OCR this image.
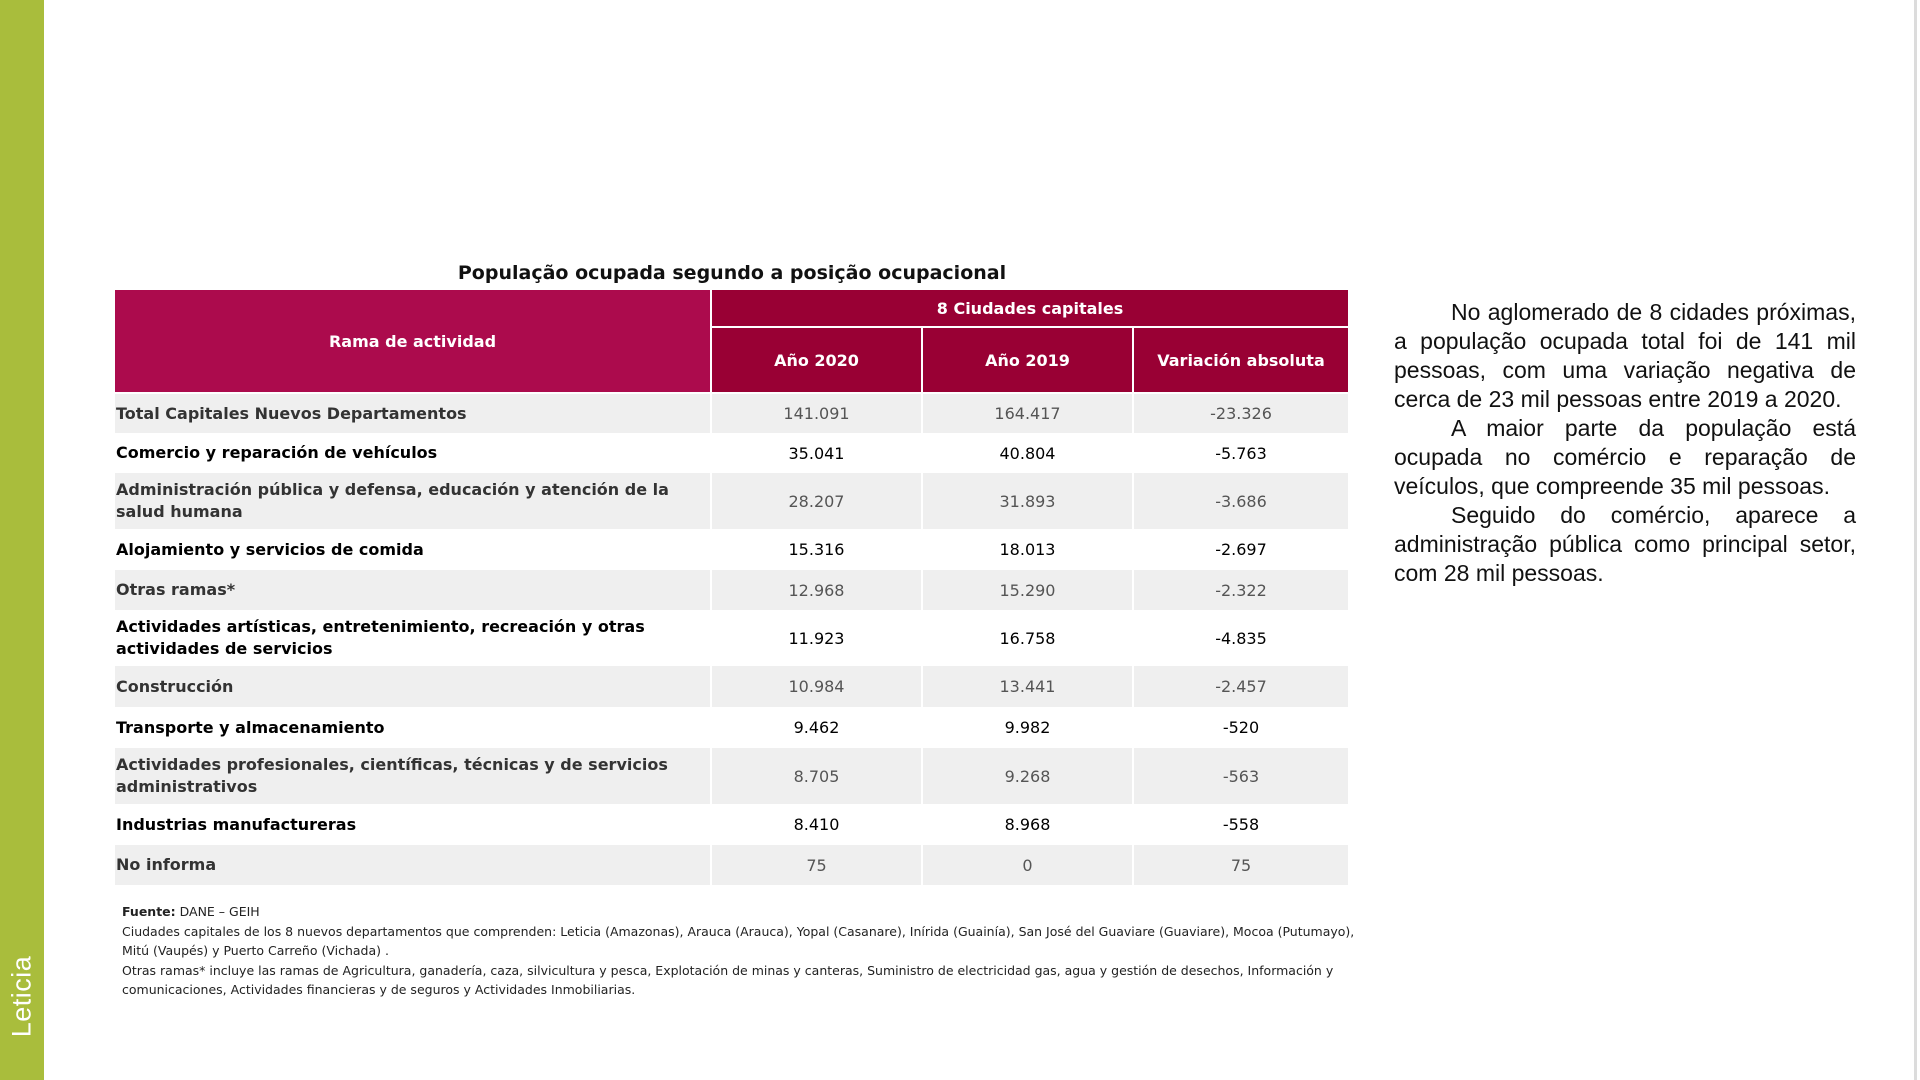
Leticia
População ocupada segundo a posição ocupacional
Rama de actividad	8 Ciudades capitales		
	Año 2020	Año 2019	Variación absoluta
Total Capitales Nuevos Departamentos	141.091	164.417	-23.326
Comercio y reparación de vehículos	35.041	40.804	-5.763
Administración pública y defensa, educación y atención de la salud humana	28.207	31.893	-3.686
Alojamiento y servicios de comida	15.316	18.013	-2.697
Otras ramas*	12.968	15.290	-2.322
Actividades artísticas, entretenimiento, recreación y otras actividades de servicios	11.923	16.758	-4.835
Construcción	10.984	13.441	-2.457
Transporte y almacenamiento	9.462	9.982	-520
Actividades profesionales, científicas, técnicas y de servicios administrativos	8.705	9.268	-563
Industrias manufactureras	8.410	8.968	-558
No informa	75	0	75
Fuente: DANE – GEIH
Ciudades capitales de los 8 nuevos departamentos que comprenden: Leticia (Amazonas), Arauca (Arauca), Yopal (Casanare), Inírida (Guainía), San José del Guaviare (Guaviare), Mocoa (Putumayo), Mitú (Vaupés) y Puerto Carreño (Vichada) .
Otras ramas* incluye las ramas de Agricultura, ganadería, caza, silvicultura y pesca, Explotación de minas y canteras, Suministro de electricidad gas, agua y gestión de desechos, Información y comunicaciones, Actividades financieras y de seguros y Actividades Inmobiliarias.

No aglomerado de 8 cidades próximas, a população ocupada total foi de 141 mil pessoas, com uma variação negativa de cerca de 23 mil pessoas entre 2019 a 2020.

A maior parte da população está ocupada no comércio e reparação de veículos, que compreende 35 mil pessoas.

Seguido do comércio, aparece a administração pública como principal setor, com 28 mil pessoas.
